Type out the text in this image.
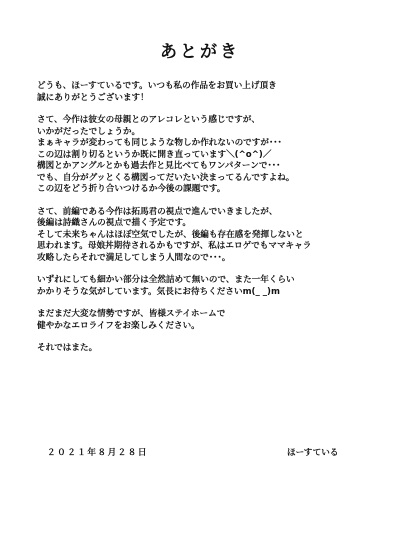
あとがき
どうも、ほーすているです。いつも私の作品をお買い上げ頂き
誠にありがとうございます！
さて、今作は彼女の母親とのアレコレという感じですが、
いかがだったでしょうか。
まぁキャラが変わっても同じような物しか作れないのですが･･･
この辺は割り切るというか既に開き直っています＼(^o^)／
構図とかアングルとかも過去作と見比べてもワンパターンで･･･
でも、自分がグッとくる構図ってだいたい決まってるんですよね。
この辺をどう折り合いつけるか今後の課題です。
さて、前編である今作は拓馬君の視点で進んでいきましたが、
後編は詩織さんの視点で描く予定です。
そして未来ちゃんはほぼ空気でしたが、後編も存在感を発揮しないと
思われます。母娘丼期待されるかもですが、私はエロゲでもママキャラ
攻略したらそれで満足してしまう人間なので･･･。
いずれにしても細かい部分は全然詰めて無いので、また一年くらい
かかりそうな気がしています。気長にお待ちくださいm(_ _)m
まだまだ大変な情勢ですが、皆様ステイホームで
健やかなエロライフをお楽しみください。
それではまた。
２０２１年８月２８日	ほーすている
